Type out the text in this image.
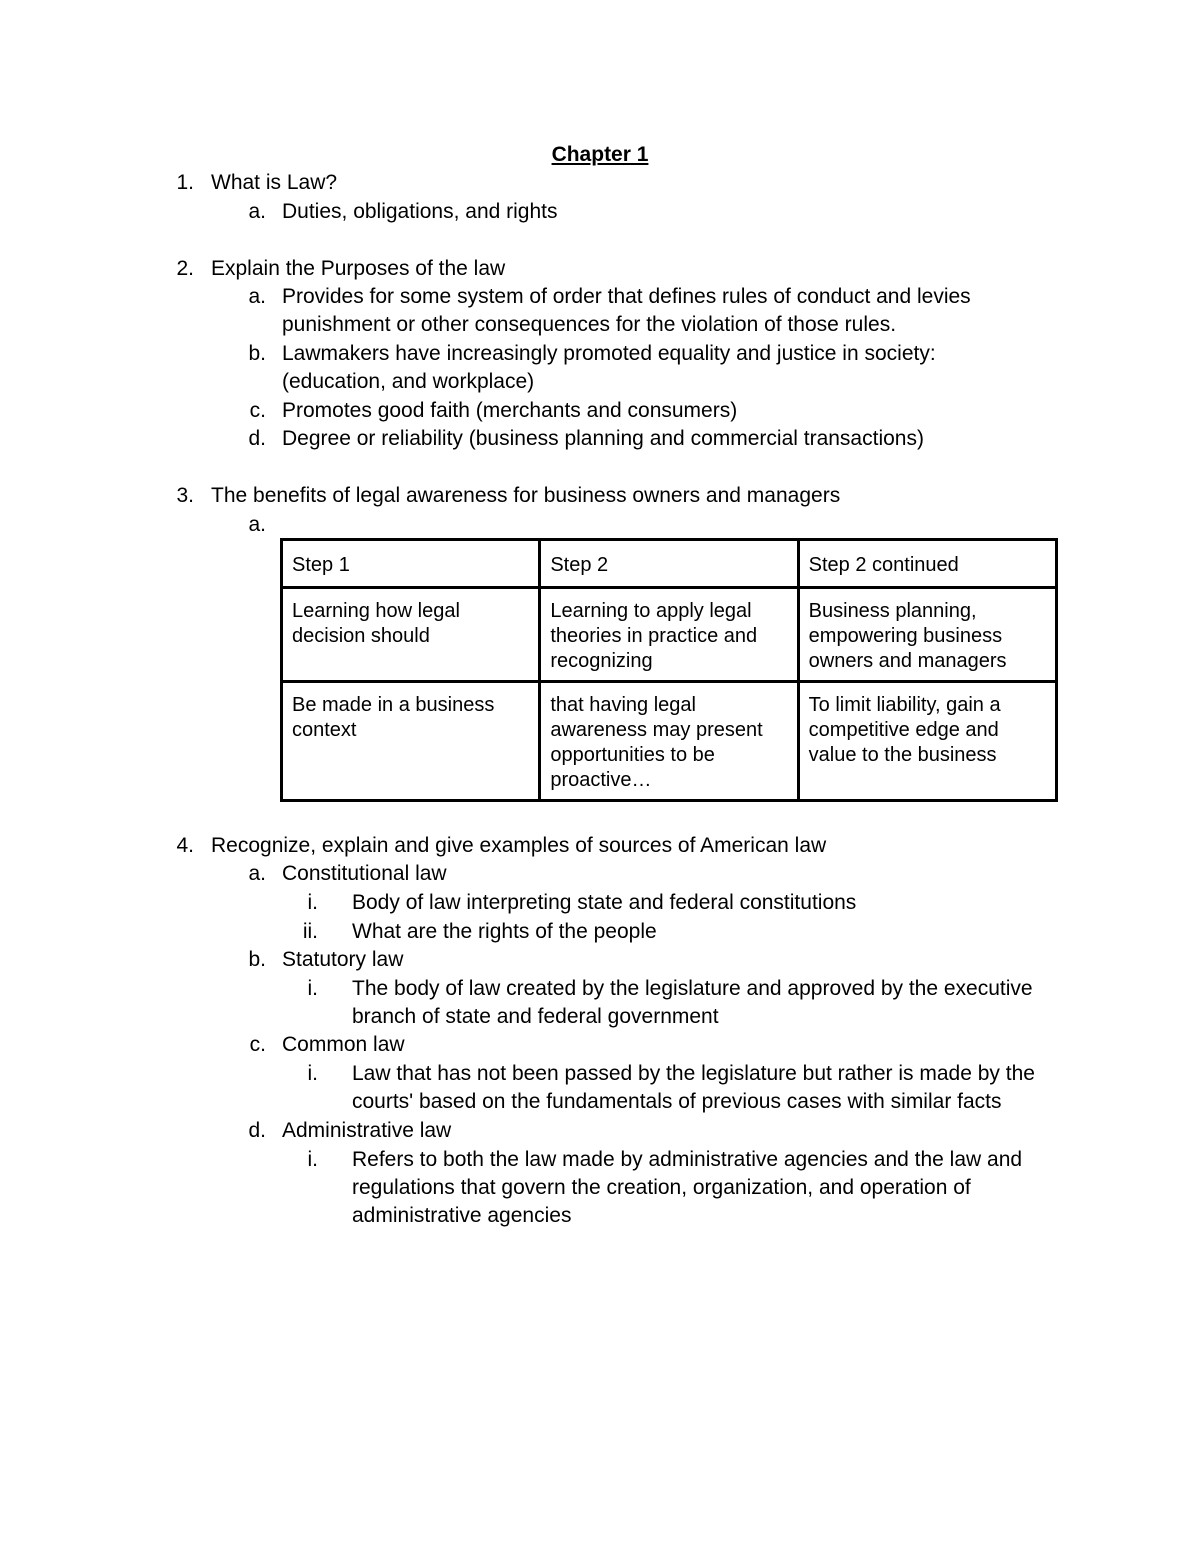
Chapter 1
1. What is Law?
a. Duties, obligations, and rights
2. Explain the Purposes of the law
a. Provides for some system of order that defines rules of conduct and levies
punishment or other consequences for the violation of those rules.
b. Lawmakers have increasingly promoted equality and justice in society:
(education, and workplace)
c. Promotes good faith (merchants and consumers)
d. Degree or reliability (business planning and commercial transactions)
3. The benefits of legal awareness for business owners and managers
a.
Step 1	Step 2	Step 2 continued
Learning how legal decision should	Learning to apply legal theories in practice and recognizing	Business planning, empowering business owners and managers
Be made in a business context	that having legal awareness may present opportunities to be proactive…	To limit liability, gain a competitive edge and value to the business
4. Recognize, explain and give examples of sources of American law
a. Constitutional law
i. Body of law interpreting state and federal constitutions
ii. What are the rights of the people
b. Statutory law
i. The body of law created by the legislature and approved by the executive
branch of state and federal government
c. Common law
i. Law that has not been passed by the legislature but rather is made by the
courts' based on the fundamentals of previous cases with similar facts
d. Administrative law
i. Refers to both the law made by administrative agencies and the law and
regulations that govern the creation, organization, and operation of
administrative agencies
